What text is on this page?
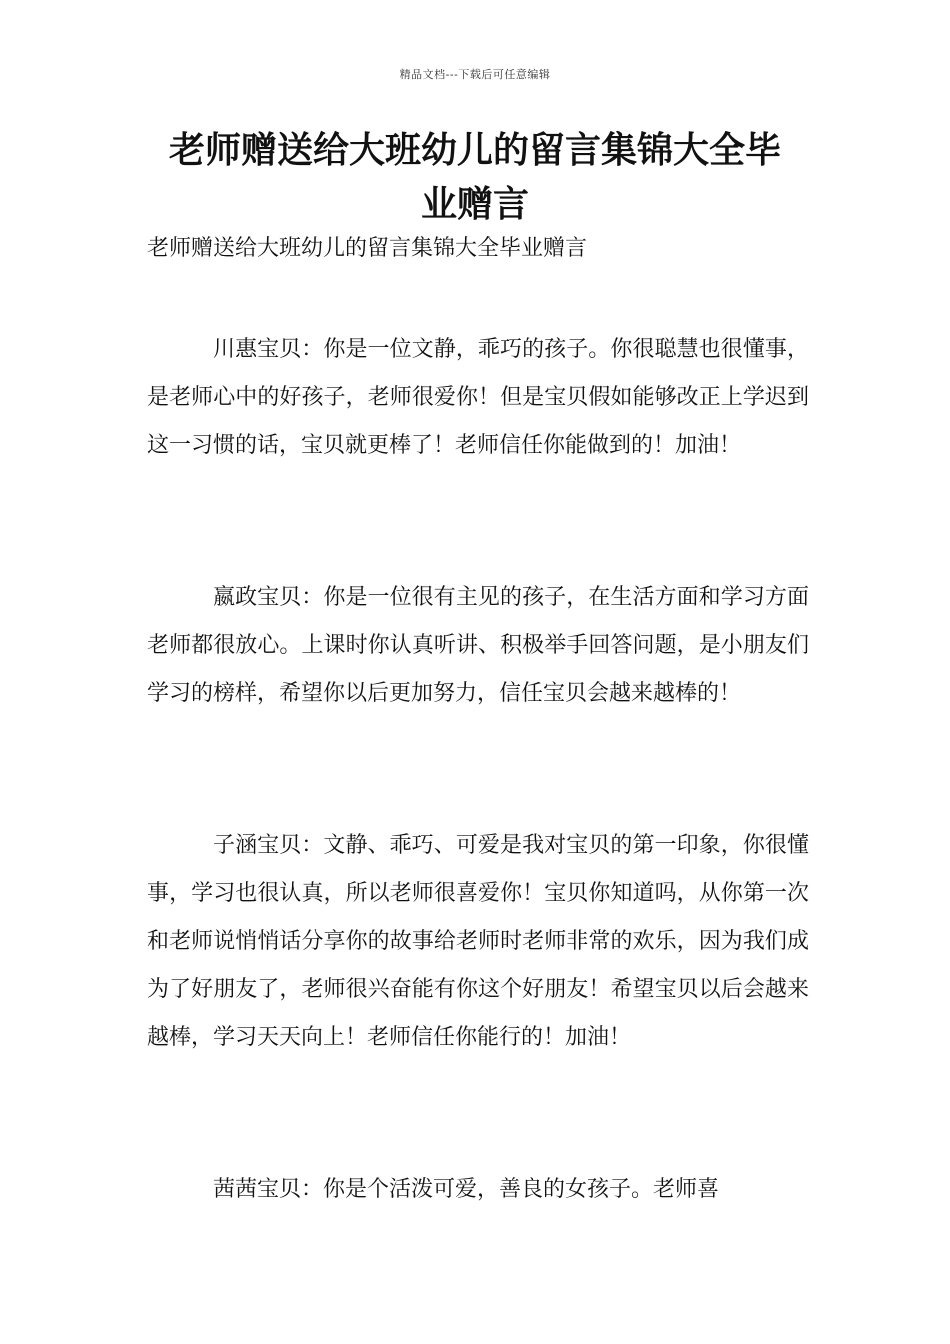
精品文档---下载后可任意编辑
老师赠送给大班幼儿的留言集锦大全毕
业赠言
老师赠送给大班幼儿的留言集锦大全毕业赠言

川惠宝贝：你是一位文静，乖巧的孩子。你很聪慧也很懂事，是老师心中的好孩子，老师很爱你！但是宝贝假如能够改正上学迟到这一习惯的话，宝贝就更棒了！老师信任你能做到的！加油！

嬴政宝贝：你是一位很有主见的孩子，在生活方面和学习方面老师都很放心。上课时你认真听讲、积极举手回答问题，是小朋友们学习的榜样，希望你以后更加努力，信任宝贝会越来越棒的！

子涵宝贝：文静、乖巧、可爱是我对宝贝的第一印象，你很懂事，学习也很认真，所以老师很喜爱你！宝贝你知道吗，从你第一次和老师说悄悄话分享你的故事给老师时老师非常的欢乐，因为我们成为了好朋友了，老师很兴奋能有你这个好朋友！希望宝贝以后会越来越棒，学习天天向上！老师信任你能行的！加油！

茜茜宝贝：你是个活泼可爱，善良的女孩子。老师喜
